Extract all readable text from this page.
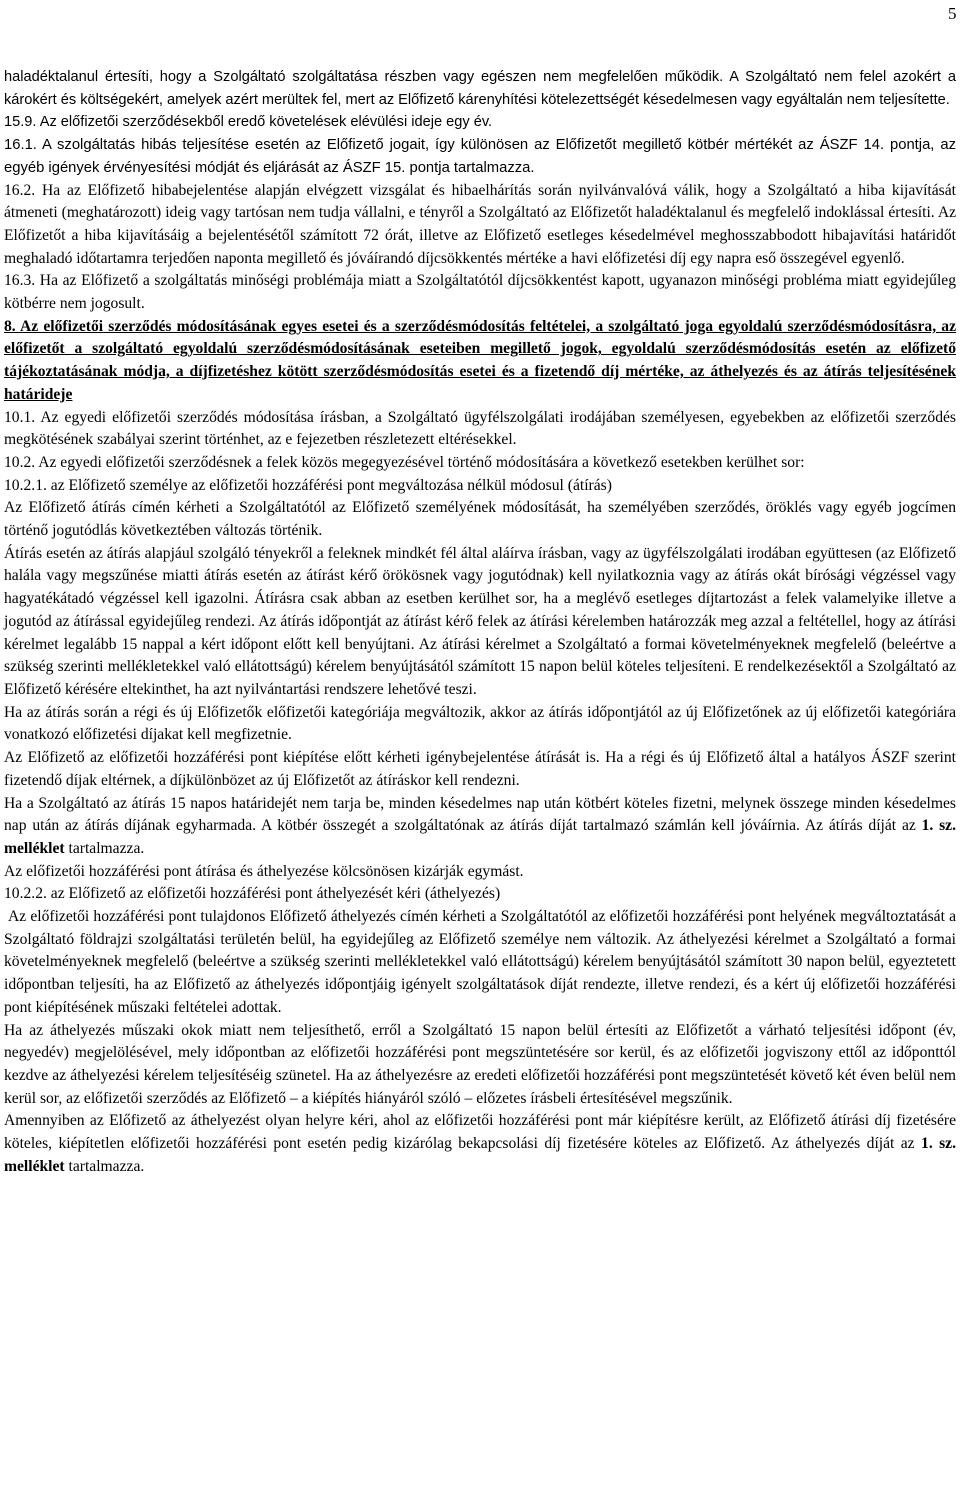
5

haladéktalanul értesíti, hogy a Szolgáltató szolgáltatása részben vagy egészen nem megfelelően működik. A Szolgáltató nem felel azokért a károkért és költségekért, amelyek azért merültek fel, mert az Előfizető kárenyhítési kötelezettségét késedelmesen vagy egyáltalán nem teljesítette.

15.9. Az előfizetői szerződésekből eredő követelések elévülési ideje egy év.

16.1. A szolgáltatás hibás teljesítése esetén az Előfizető jogait, így különösen az Előfizetőt megillető kötbér mértékét az ÁSZF 14. pontja, az egyéb igények érvényesítési módját és eljárását az ÁSZF 15. pontja tartalmazza.

16.2. Ha az Előfizető hibabejelentése alapján elvégzett vizsgálat és hibaelhárítás során nyilvánvalóvá válik, hogy a Szolgáltató a hiba kijavítását átmeneti (meghatározott) ideig vagy tartósan nem tudja vállalni, e tényről a Szolgáltató az Előfizetőt haladéktalanul és megfelelő indoklással értesíti. Az Előfizetőt a hiba kijavításáig a bejelentésétől számított 72 órát, illetve az Előfizető esetleges késedelmével meghosszabbodott hibajavítási határidőt meghaladó időtartamra terjedően naponta megillető és jóváírandó díjcsökkentés mértéke a havi előfizetési díj egy napra eső összegével egyenlő.

16.3. Ha az Előfizető a szolgáltatás minőségi problémája miatt a Szolgáltatótól díjcsökkentést kapott, ugyanazon minőségi probléma miatt egyidejűleg kötbérre nem jogosult.

8. Az előfizetői szerződés módosításának egyes esetei és a szerződésmódosítás feltételei, a szolgáltató joga egyoldalú szerződésmódosításra, az előfizetőt a szolgáltató egyoldalú szerződésmódosításának eseteiben megillető jogok, egyoldalú szerződésmódosítás esetén az előfizető tájékoztatásának módja, a díjfizetéshez kötött szerződésmódosítás esetei és a fizetendő díj mértéke, az áthelyezés és az átírás teljesítésének határideje

10.1. Az egyedi előfizetői szerződés módosítása írásban, a Szolgáltató ügyfélszolgálati irodájában személyesen, egyebekben az előfizetői szerződés megkötésének szabályai szerint történhet, az e fejezetben részletezett eltérésekkel.

10.2. Az egyedi előfizetői szerződésnek a felek közös megegyezésével történő módosítására a következő esetekben kerülhet sor:

10.2.1. az Előfizető személye az előfizetői hozzáférési pont megváltozása nélkül módosul (átírás)

Az Előfizető átírás címén kérheti a Szolgáltatótól az Előfizető személyének módosítását, ha személyében szerződés, öröklés vagy egyéb jogcímen történő jogutódlás következtében változás történik.

Átírás esetén az átírás alapjául szolgáló tényekről a feleknek mindkét fél által aláírva írásban, vagy az ügyfélszolgálati irodában együttesen (az Előfizető halála vagy megszűnése miatti átírás esetén az átírást kérő örökösnek vagy jogutódnak) kell nyilatkoznia vagy az átírás okát bírósági végzéssel vagy hagyatékátadó végzéssel kell igazolni. Átírásra csak abban az esetben kerülhet sor, ha a meglévő esetleges díjtartozást a felek valamelyike illetve a jogutód az átírással egyidejűleg rendezi. Az átírás időpontját az átírást kérő felek az átírási kérelemben határozzák meg azzal a feltétellel, hogy az átírási kérelmet legalább 15 nappal a kért időpont előtt kell benyújtani. Az átírási kérelmet a Szolgáltató a formai követelményeknek megfelelő (beleértve a szükség szerinti mellékletekkel való ellátottságú) kérelem benyújtásától számított 15 napon belül köteles teljesíteni. E rendelkezésektől a Szolgáltató az Előfizető kérésére eltekinthet, ha azt nyilvántartási rendszere lehetővé teszi.

Ha az átírás során a régi és új Előfizetők előfizetői kategóriája megváltozik, akkor az átírás időpontjától az új Előfizetőnek az új előfizetői kategóriára vonatkozó előfizetési díjakat kell megfizetnie.

Az Előfizető az előfizetői hozzáférési pont kiépítése előtt kérheti igénybejelentése átírását is. Ha a régi és új Előfizető által a hatályos ÁSZF szerint fizetendő díjak eltérnek, a díjkülönbözet az új Előfizetőt az átíráskor kell rendezni.

Ha a Szolgáltató az átírás 15 napos határidejét nem tarja be, minden késedelmes nap után kötbért köteles fizetni, melynek összege minden késedelmes nap után az átírás díjának egyharmada. A kötbér összegét a szolgáltatónak az átírás díját tartalmazó számlán kell jóváírnia. Az átírás díját az 1. sz. melléklet tartalmazza.

Az előfizetői hozzáférési pont átírása és áthelyezése kölcsönösen kizárják egymást.

10.2.2. az Előfizető az előfizetői hozzáférési pont áthelyezését kéri (áthelyezés)

Az előfizetői hozzáférési pont tulajdonos Előfizető áthelyezés címén kérheti a Szolgáltatótól az előfizetői hozzáférési pont helyének megváltoztatását a Szolgáltató földrajzi szolgáltatási területén belül, ha egyidejűleg az Előfizető személye nem változik. Az áthelyezési kérelmet a Szolgáltató a formai követelményeknek megfelelő (beleértve a szükség szerinti mellékletekkel való ellátottságú) kérelem benyújtásától számított 30 napon belül, egyeztetett időpontban teljesíti, ha az Előfizető az áthelyezés időpontjáig igényelt szolgáltatások díját rendezte, illetve rendezi, és a kért új előfizetői hozzáférési pont kiépítésének műszaki feltételei adottak.

Ha az áthelyezés műszaki okok miatt nem teljesíthető, erről a Szolgáltató 15 napon belül értesíti az Előfizetőt a várható teljesítési időpont (év, negyedév) megjelölésével, mely időpontban az előfizetői hozzáférési pont megszüntetésére sor kerül, és az előfizetői jogviszony ettől az időponttól kezdve az áthelyezési kérelem teljesítéséig szünetel. Ha az áthelyezésre az eredeti előfizetői hozzáférési pont megszüntetését követő két éven belül nem kerül sor, az előfizetői szerződés az Előfizető – a kiépítés hiányáról szóló – előzetes írásbeli értesítésével megszűnik.

Amennyiben az Előfizető az áthelyezést olyan helyre kéri, ahol az előfizetői hozzáférési pont már kiépítésre került, az Előfizető átírási díj fizetésére köteles, kiépítetlen előfizetői hozzáférési pont esetén pedig kizárólag bekapcsolási díj fizetésére köteles az Előfizető. Az áthelyezés díját az 1. sz. melléklet tartalmazza.
